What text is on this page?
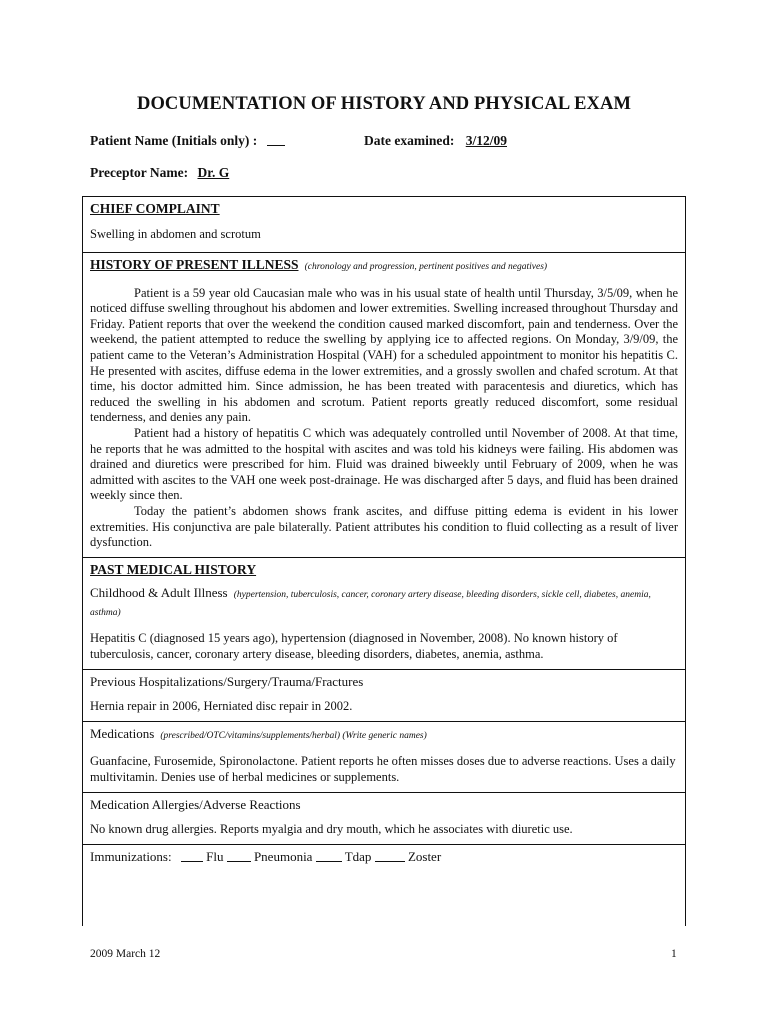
DOCUMENTATION OF HISTORY AND PHYSICAL EXAM
Patient Name (Initials only) :	Date examined: 3/12/09
Preceptor Name: Dr. G
CHIEF COMPLAINT
Swelling in abdomen and scrotum
HISTORY OF PRESENT ILLNESS (chronology and progression, pertinent positives and negatives)
Patient is a 59 year old Caucasian male who was in his usual state of health until Thursday, 3/5/09, when he noticed diffuse swelling throughout his abdomen and lower extremities. Swelling increased throughout Thursday and Friday. Patient reports that over the weekend the condition caused marked discomfort, pain and tenderness. Over the weekend, the patient attempted to reduce the swelling by applying ice to affected regions. On Monday, 3/9/09, the patient came to the Veteran’s Administration Hospital (VAH) for a scheduled appointment to monitor his hepatitis C. He presented with ascites, diffuse edema in the lower extremities, and a grossly swollen and chafed scrotum. At that time, his doctor admitted him. Since admission, he has been treated with paracentesis and diuretics, which has reduced the swelling in his abdomen and scrotum. Patient reports greatly reduced discomfort, some residual tenderness, and denies any pain.
Patient had a history of hepatitis C which was adequately controlled until November of 2008. At that time, he reports that he was admitted to the hospital with ascites and was told his kidneys were failing. His abdomen was drained and diuretics were prescribed for him. Fluid was drained biweekly until February of 2009, when he was admitted with ascites to the VAH one week post-drainage. He was discharged after 5 days, and fluid has been drained weekly since then.
Today the patient’s abdomen shows frank ascites, and diffuse pitting edema is evident in his lower extremities. His conjunctiva are pale bilaterally. Patient attributes his condition to fluid collecting as a result of liver dysfunction.
PAST MEDICAL HISTORY
Childhood & Adult Illness (hypertension, tuberculosis, cancer, coronary artery disease, bleeding disorders, sickle cell, diabetes, anemia, asthma)
Hepatitis C (diagnosed 15 years ago), hypertension (diagnosed in November, 2008). No known history of tuberculosis, cancer, coronary artery disease, bleeding disorders, diabetes, anemia, asthma.
Previous Hospitalizations/Surgery/Trauma/Fractures
Hernia repair in 2006, Herniated disc repair in 2002.
Medications (prescribed/OTC/vitamins/supplements/herbal) (Write generic names)
Guanfacine, Furosemide, Spironolactone. Patient reports he often misses doses due to adverse reactions. Uses a daily multivitamin. Denies use of herbal medicines or supplements.
Medication Allergies/Adverse Reactions
No known drug allergies. Reports myalgia and dry mouth, which he associates with diuretic use.
Immunizations:	Flu Pneumonia Tdap	Zoster
2009 March 12	1
